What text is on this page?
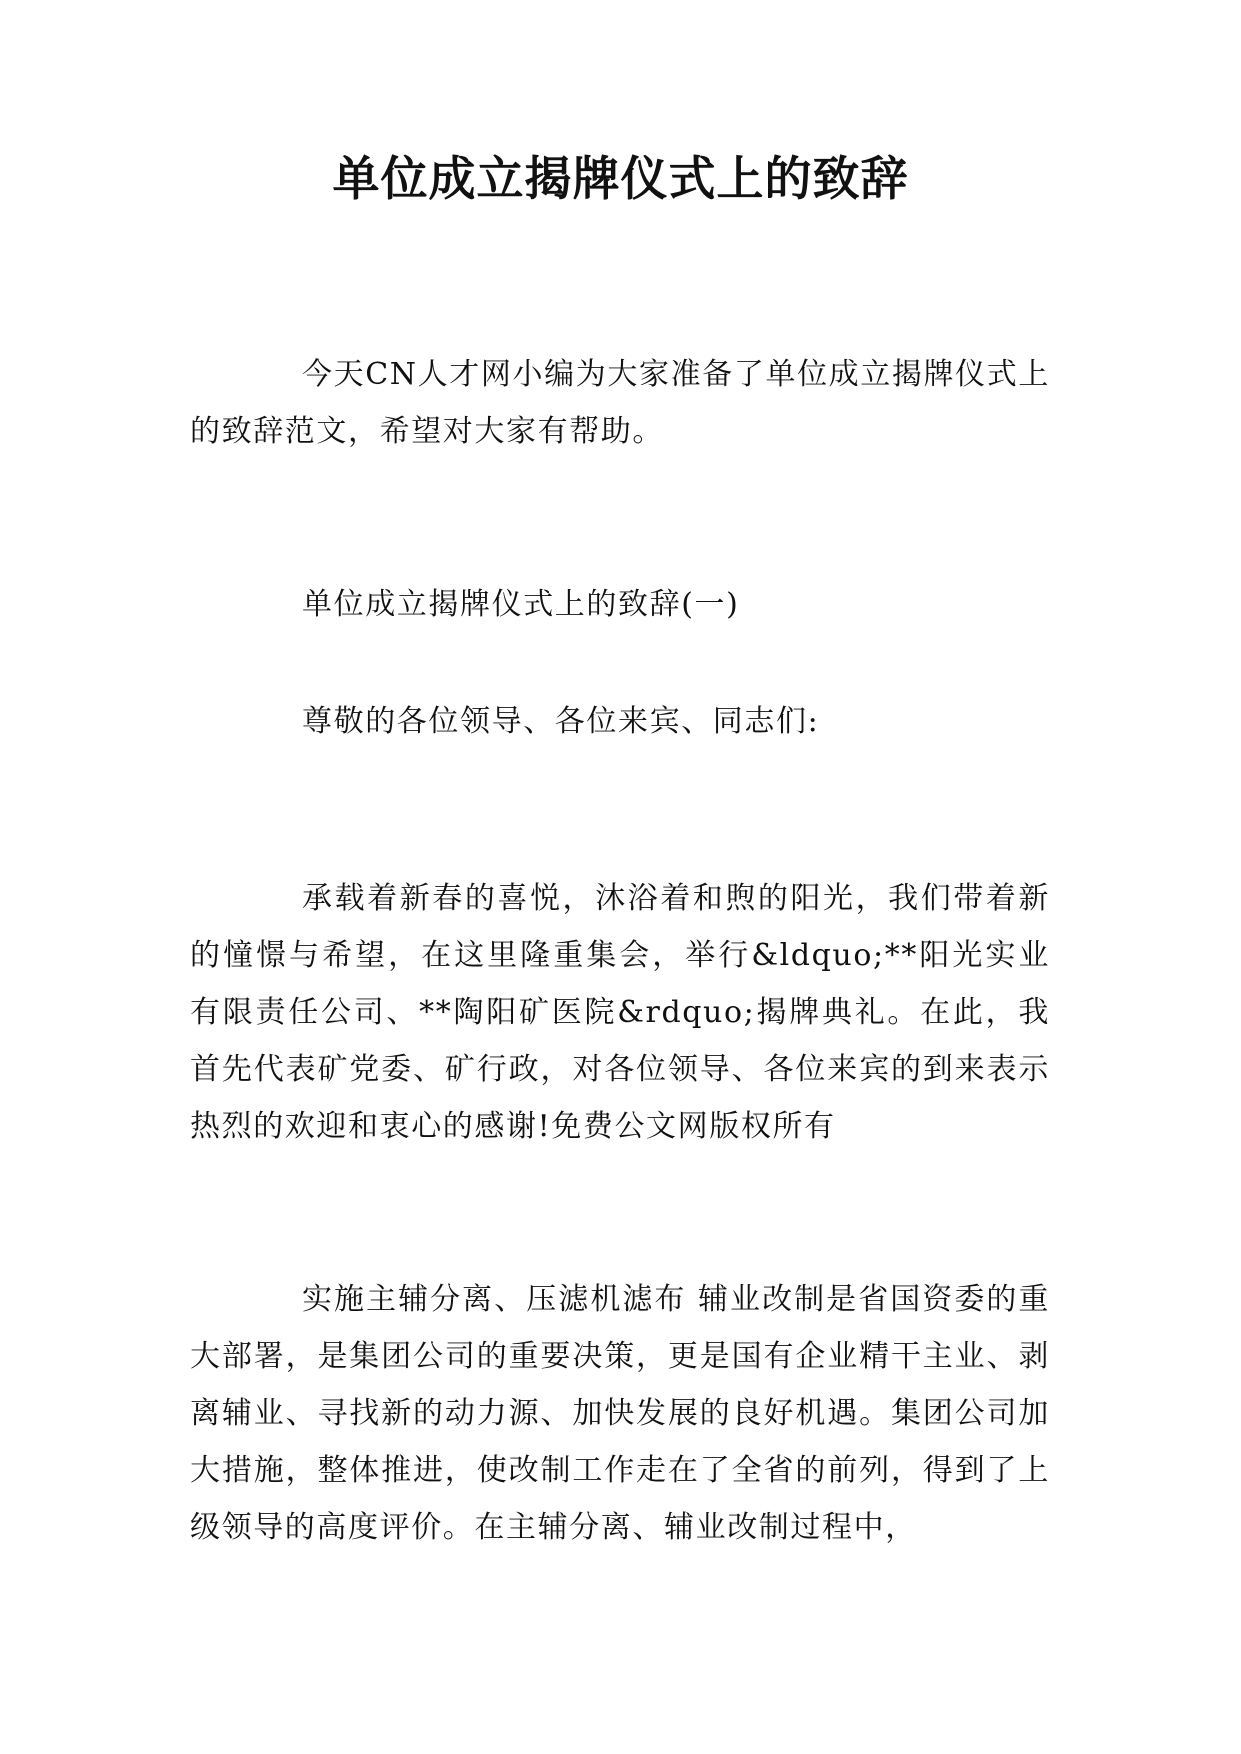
单位成立揭牌仪式上的致辞

今天CN人才网小编为大家准备了单位成立揭牌仪式上的致辞范文，希望对大家有帮助。

单位成立揭牌仪式上的致辞(一)

尊敬的各位领导、各位来宾、同志们:

承载着新春的喜悦，沐浴着和煦的阳光，我们带着新的憧憬与希望，在这里隆重集会，举行&ldquo;**阳光实业有限责任公司、**陶阳矿医院&rdquo;揭牌典礼。在此，我首先代表矿党委、矿行政，对各位领导、各位来宾的到来表示热烈的欢迎和衷心的感谢!免费公文网版权所有

实施主辅分离、压滤机滤布 辅业改制是省国资委的重大部署，是集团公司的重要决策，更是国有企业精干主业、剥离辅业、寻找新的动力源、加快发展的良好机遇。集团公司加大措施，整体推进，使改制工作走在了全省的前列，得到了上级领导的高度评价。在主辅分离、辅业改制过程中，
